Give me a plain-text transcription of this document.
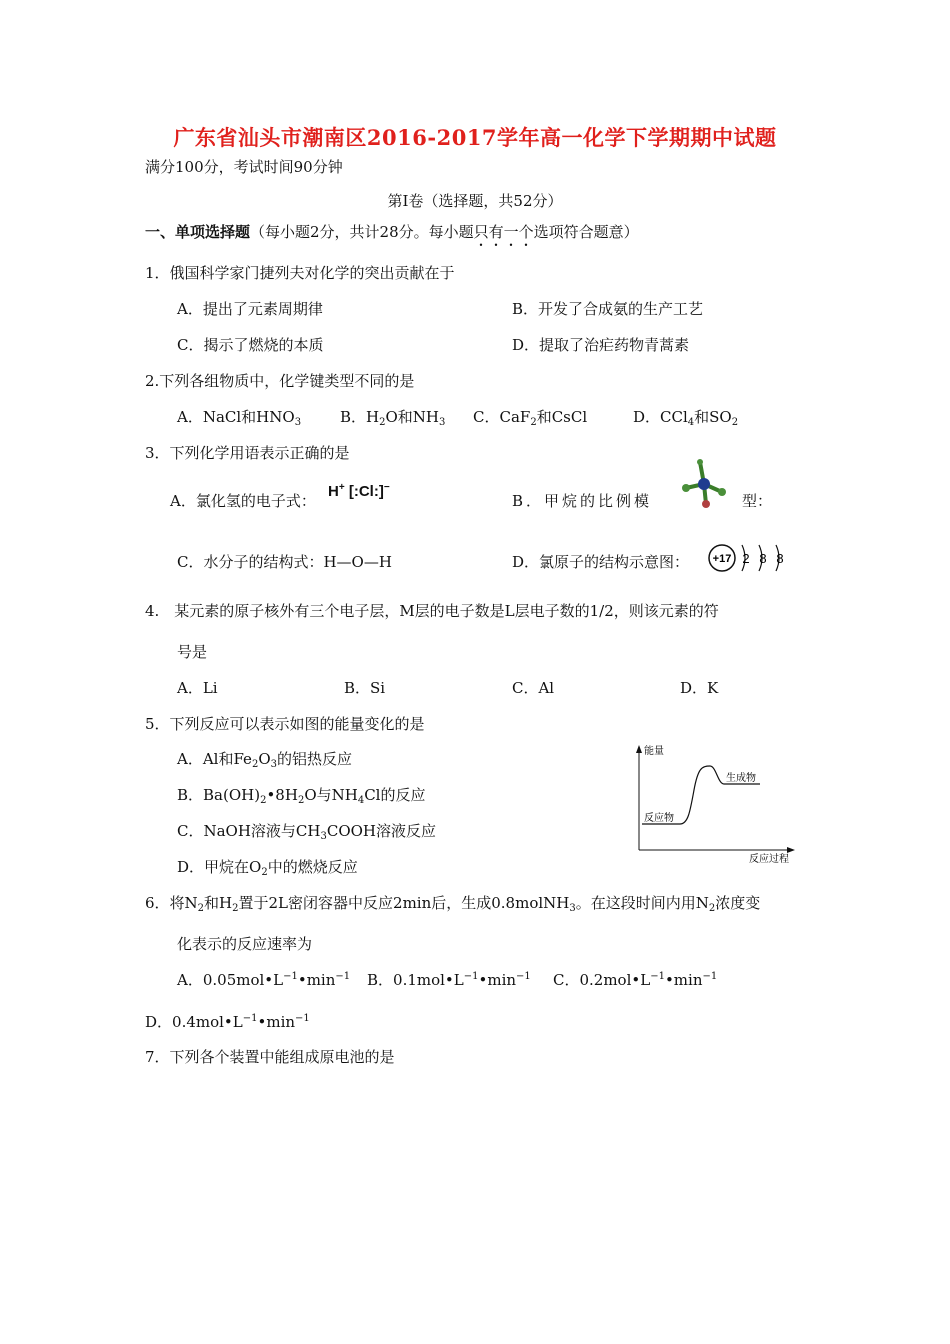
广东省汕头市潮南区2016-2017学年高一化学下学期期中试题
满分100分，考试时间90分钟
第Ⅰ卷（选择题，共52分）
一、单项选择题（每小题2分，共计28分。每小题只有一个选项符合题意）
1．俄国科学家门捷列夫对化学的突出贡献在于
A．提出了元素周期律	B．开发了合成氨的生产工艺
C．揭示了燃烧的本质	D．提取了治疟药物青蒿素
2.下列各组物质中，化学键类型不同的是
A．NaCl和$HNO_3$	B．$H_2O$和$NH_3$ C．CaF$_2$和CsCl	D．CCl$_4$和$SO_2$
3．下列化学用语表示正确的是
A．氯化氢的电子式：
H+ [:Cl:]−
B．甲烷的比例模	型：
C．水分子的结构式：H—O—H	D．氯原子的结构示意图： +17 2 8 8
4.　某元素的原子核外有三个电子层，M层的电子数是L层电子数的1/2，则该元素的符
号是
A．Li	B．Si	C．Al	D．K
5．下列反应可以表示如图的能量变化的是
A．Al和$Fe_2O_3$的铝热反应
B．$Ba(OH)_2•8H_2O$与$NH_4Cl$的反应
C．NaOH溶液与$CH_3COOH$溶液反应
D．甲烷在$O_2$中的燃烧反应
能量
反应过程
反应物
生成物
6．将$N_2$和$H_2$置于2L密闭容器中反应2min后，生成0.8molNH$_3$。在这段时间内用$N_2$浓度变
化表示的反应速率为
A．$0.05mol•L^{-1}•\min^{-1}$ B．$0.1mol•L^{-1}•\min^{-1}$ C．$0.2mol•L^{-1}•\min^{-1}$
D．$0.4mol•L^{-1}•\min^{-1}$
7．下列各个装置中能组成原电池的是
